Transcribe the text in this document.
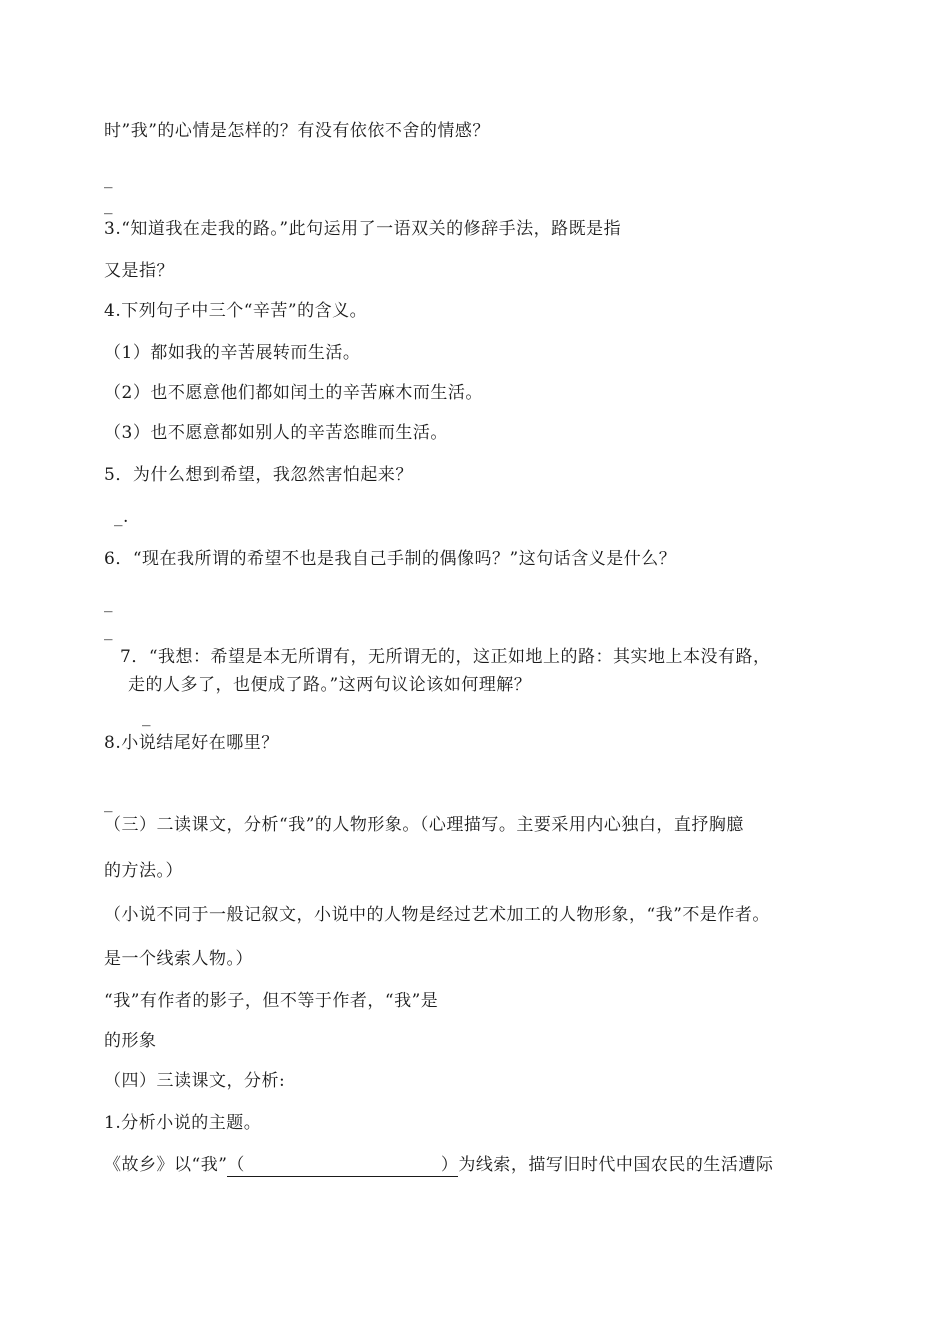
时”我”的心情是怎样的？有没有依依不舍的情感？
_
_
3.“知道我在走我的路。”此句运用了一语双关的修辞手法，路既是指
又是指？
4.下列句子中三个“辛苦”的含义。
（1）都如我的辛苦展转而生活。
（2）也不愿意他们都如闰土的辛苦麻木而生活。
（3）也不愿意都如别人的辛苦恣睢而生活。
5．为什么想到希望，我忽然害怕起来？
_.
6．“现在我所谓的希望不也是我自己手制的偶像吗？”这句话含义是什么？
_
_
7．“我想：希望是本无所谓有，无所谓无的，这正如地上的路：其实地上本没有路，
走的人多了，也便成了路。”这两句议论该如何理解？
_
8.小说结尾好在哪里？
_
（三）二读课文，分析“我”的人物形象。（心理描写。主要采用内心独白，直抒胸臆
的方法。）
（小说不同于一般记叙文，小说中的人物是经过艺术加工的人物形象，“我”不是作者。
是一个线索人物。）
“我”有作者的影子，但不等于作者，“我”是
的形象
（四）三读课文，分析:
1.分析小说的主题。
《故乡》以“我”（	）为线索，描写旧时代中国农民的生活遭际
